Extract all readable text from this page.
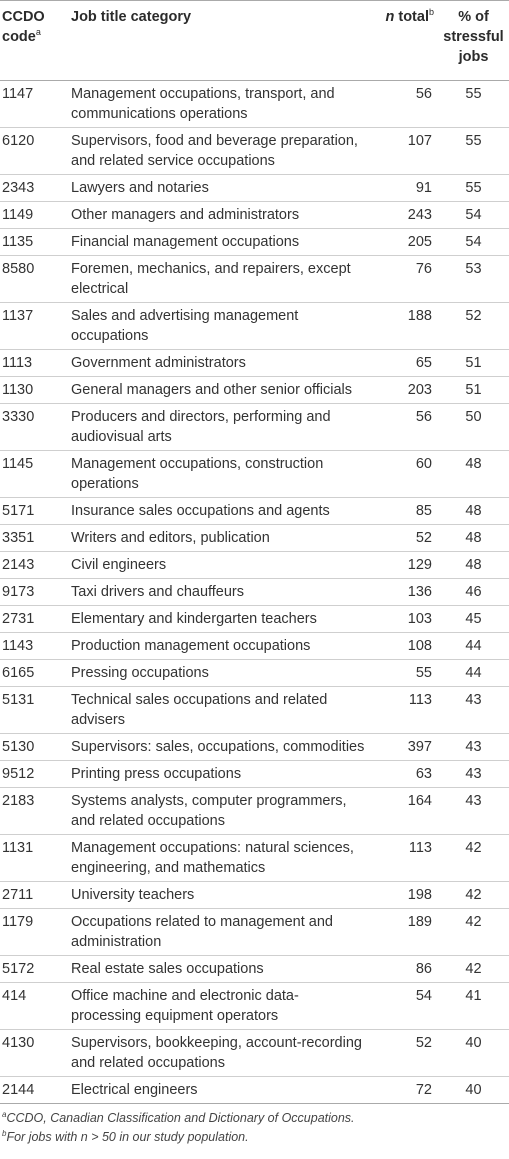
CCDO code$^a$	Job title category	n total$^b$	% of stressful jobs
1147	Management occupations, transport, and communications operations	56	55
6120	Supervisors, food and beverage preparation, and related service occupations	107	55
2343	Lawyers and notaries	91	55
1149	Other managers and administrators	243	54
1135	Financial management occupations	205	54
8580	Foremen, mechanics, and repairers, except electrical	76	53
1137	Sales and advertising management occupations	188	52
1113	Government administrators	65	51
1130	General managers and other senior officials	203	51
3330	Producers and directors, performing and audiovisual arts	56	50
1145	Management occupations, construction operations	60	48
5171	Insurance sales occupations and agents	85	48
3351	Writers and editors, publication	52	48
2143	Civil engineers	129	48
9173	Taxi drivers and chauffeurs	136	46
2731	Elementary and kindergarten teachers	103	45
1143	Production management occupations	108	44
6165	Pressing occupations	55	44
5131	Technical sales occupations and related advisers	113	43
5130	Supervisors: sales, occupations, commodities	397	43
9512	Printing press occupations	63	43
2183	Systems analysts, computer programmers, and related occupations	164	43
1131	Management occupations: natural sciences, engineering, and mathematics	113	42
2711	University teachers	198	42
1179	Occupations related to management and administration	189	42
5172	Real estate sales occupations	86	42
414	Office machine and electronic data-processing equipment operators	54	41
4130	Supervisors, bookkeeping, account-recording and related occupations	52	40
2144	Electrical engineers	72	40
$^a$CCDO, Canadian Classification and Dictionary of Occupations.
$^b$For jobs with n > 50 in our study population.
